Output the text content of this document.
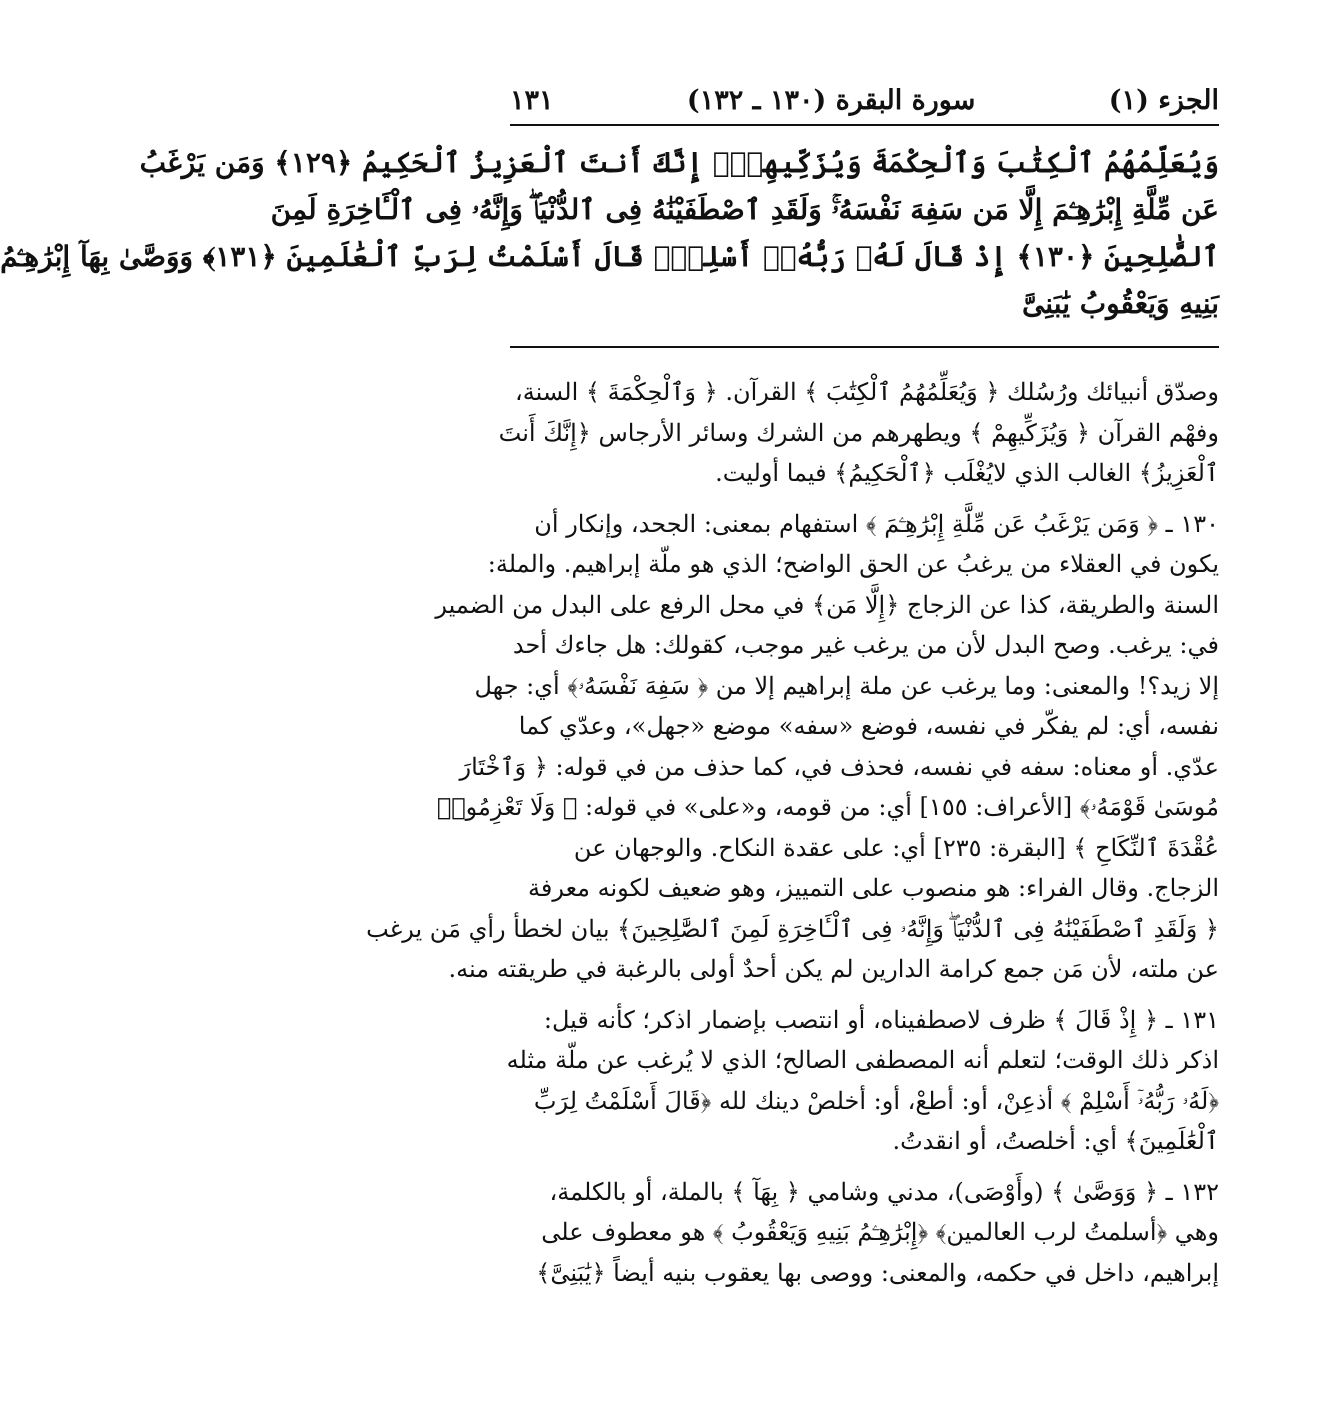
الجزء (١)
سورة البقرة (١٣٠ ـ ١٣٢)
١٣١
وَيُعَلِّمُهُمُ ٱلْكِتَٰبَ وَٱلْحِكْمَةَ وَيُزَكِّيهِمْۚ إِنَّكَ أَنتَ ٱلْعَزِيزُ ٱلْحَكِيمُ ﴿١٢٩﴾ وَمَن يَرْغَبُ
عَن مِّلَّةِ إِبْرَٰهِـۧمَ إِلَّا مَن سَفِهَ نَفْسَهُۥۚ وَلَقَدِ ٱصْطَفَيْنَٰهُ فِى ٱلدُّنْيَاۖ وَإِنَّهُۥ فِى ٱلْـَٔاخِرَةِ لَمِنَ
ٱلصَّٰلِحِينَ ﴿١٣٠﴾ إِذْ قَالَ لَهُۥ رَبُّهُۥٓ أَسْلِمْۖ قَالَ أَسْلَمْتُ لِرَبِّ ٱلْعَٰلَمِينَ ﴿١٣١﴾ وَوَصَّىٰ بِهَآ إِبْرَٰهِـۧمُ
بَنِيهِ وَيَعْقُوبُ يَٰبَنِىَّ
وصدّق أنبيائك ورُسُلك ﴿ وَيُعَلِّمُهُمُ ٱلْكِتَٰبَ ﴾ القرآن. ﴿ وَٱلْحِكْمَةَ ﴾ السنة،
وفهْم القرآن ﴿ وَيُزَكِّيهِمْ ﴾ ويطهرهم من الشرك وسائر الأرجاس ﴿إِنَّكَ أَنتَ
ٱلْعَزِيزُ﴾ الغالب الذي لايُغْلَب ﴿ٱلْحَكِيمُ﴾ فيما أوليت.
١٣٠ ـ ﴿ وَمَن يَرْغَبُ عَن مِّلَّةِ إِبْرَٰهِـۧمَ ﴾ استفهام بمعنى: الجحد، وإنكار أن
يكون في العقلاء من يرغبُ عن الحق الواضح؛ الذي هو ملّة إبراهيم. والملة:
السنة والطريقة، كذا عن الزجاج ﴿إِلَّا مَن﴾ في محل الرفع على البدل من الضمير
في: يرغب. وصح البدل لأن من يرغب غير موجب، كقولك: هل جاءك أحد
إلا زيد؟! والمعنى: وما يرغب عن ملة إبراهيم إلا من ﴿ سَفِهَ نَفْسَهُۥ﴾ أي: جهل
نفسه، أي: لم يفكّر في نفسه، فوضع «سفه» موضع «جهل»، وعدّي كما
عدّي. أو معناه: سفه في نفسه، فحذف في، كما حذف من في قوله: ﴿ وَٱخْتَارَ
مُوسَىٰ قَوْمَهُۥ﴾ [الأعراف: ١٥٥] أي: من قومه، و«على» في قوله: ﴿ وَلَا تَعْزِمُوا۟
عُقْدَةَ ٱلنِّكَاحِ ﴾ [البقرة: ٢٣٥] أي: على عقدة النكاح. والوجهان عن
الزجاج. وقال الفراء: هو منصوب على التمييز، وهو ضعيف لكونه معرفة
﴿ وَلَقَدِ ٱصْطَفَيْنَٰهُ فِى ٱلدُّنْيَاۖ وَإِنَّهُۥ فِى ٱلْـَٔاخِرَةِ لَمِنَ ٱلصَّٰلِحِينَ﴾ بيان لخطأ رأي مَن يرغب
عن ملته، لأن مَن جمع كرامة الدارين لم يكن أحدٌ أولى بالرغبة في طريقته منه.
١٣١ ـ ﴿ إِذْ قَالَ ﴾ ظرف لاصطفيناه، أو انتصب بإضمار اذكر؛ كأنه قيل:
اذكر ذلك الوقت؛ لتعلم أنه المصطفى الصالح؛ الذي لا يُرغب عن ملّة مثله
﴿لَهُۥ رَبُّهُۥٓ أَسْلِمْ ﴾ أذعِنْ، أو: أطعْ، أو: أخلصْ دينك لله ﴿قَالَ أَسْلَمْتُ لِرَبِّ
ٱلْعَٰلَمِينَ﴾ أي: أخلصتُ، أو انقدتُ.
١٣٢ ـ ﴿ وَوَصَّىٰ ﴾ (وأَوْصَى)، مدني وشامي ﴿ بِهَآ ﴾ بالملة، أو بالكلمة،
وهي ﴿أسلمتُ لرب العالمين﴾ ﴿إِبْرَٰهِـۧمُ بَنِيهِ وَيَعْقُوبُ ﴾ هو معطوف على
إبراهيم، داخل في حكمه، والمعنى: ووصى بها يعقوب بنيه أيضاً ﴿يَٰبَنِىَّ﴾
